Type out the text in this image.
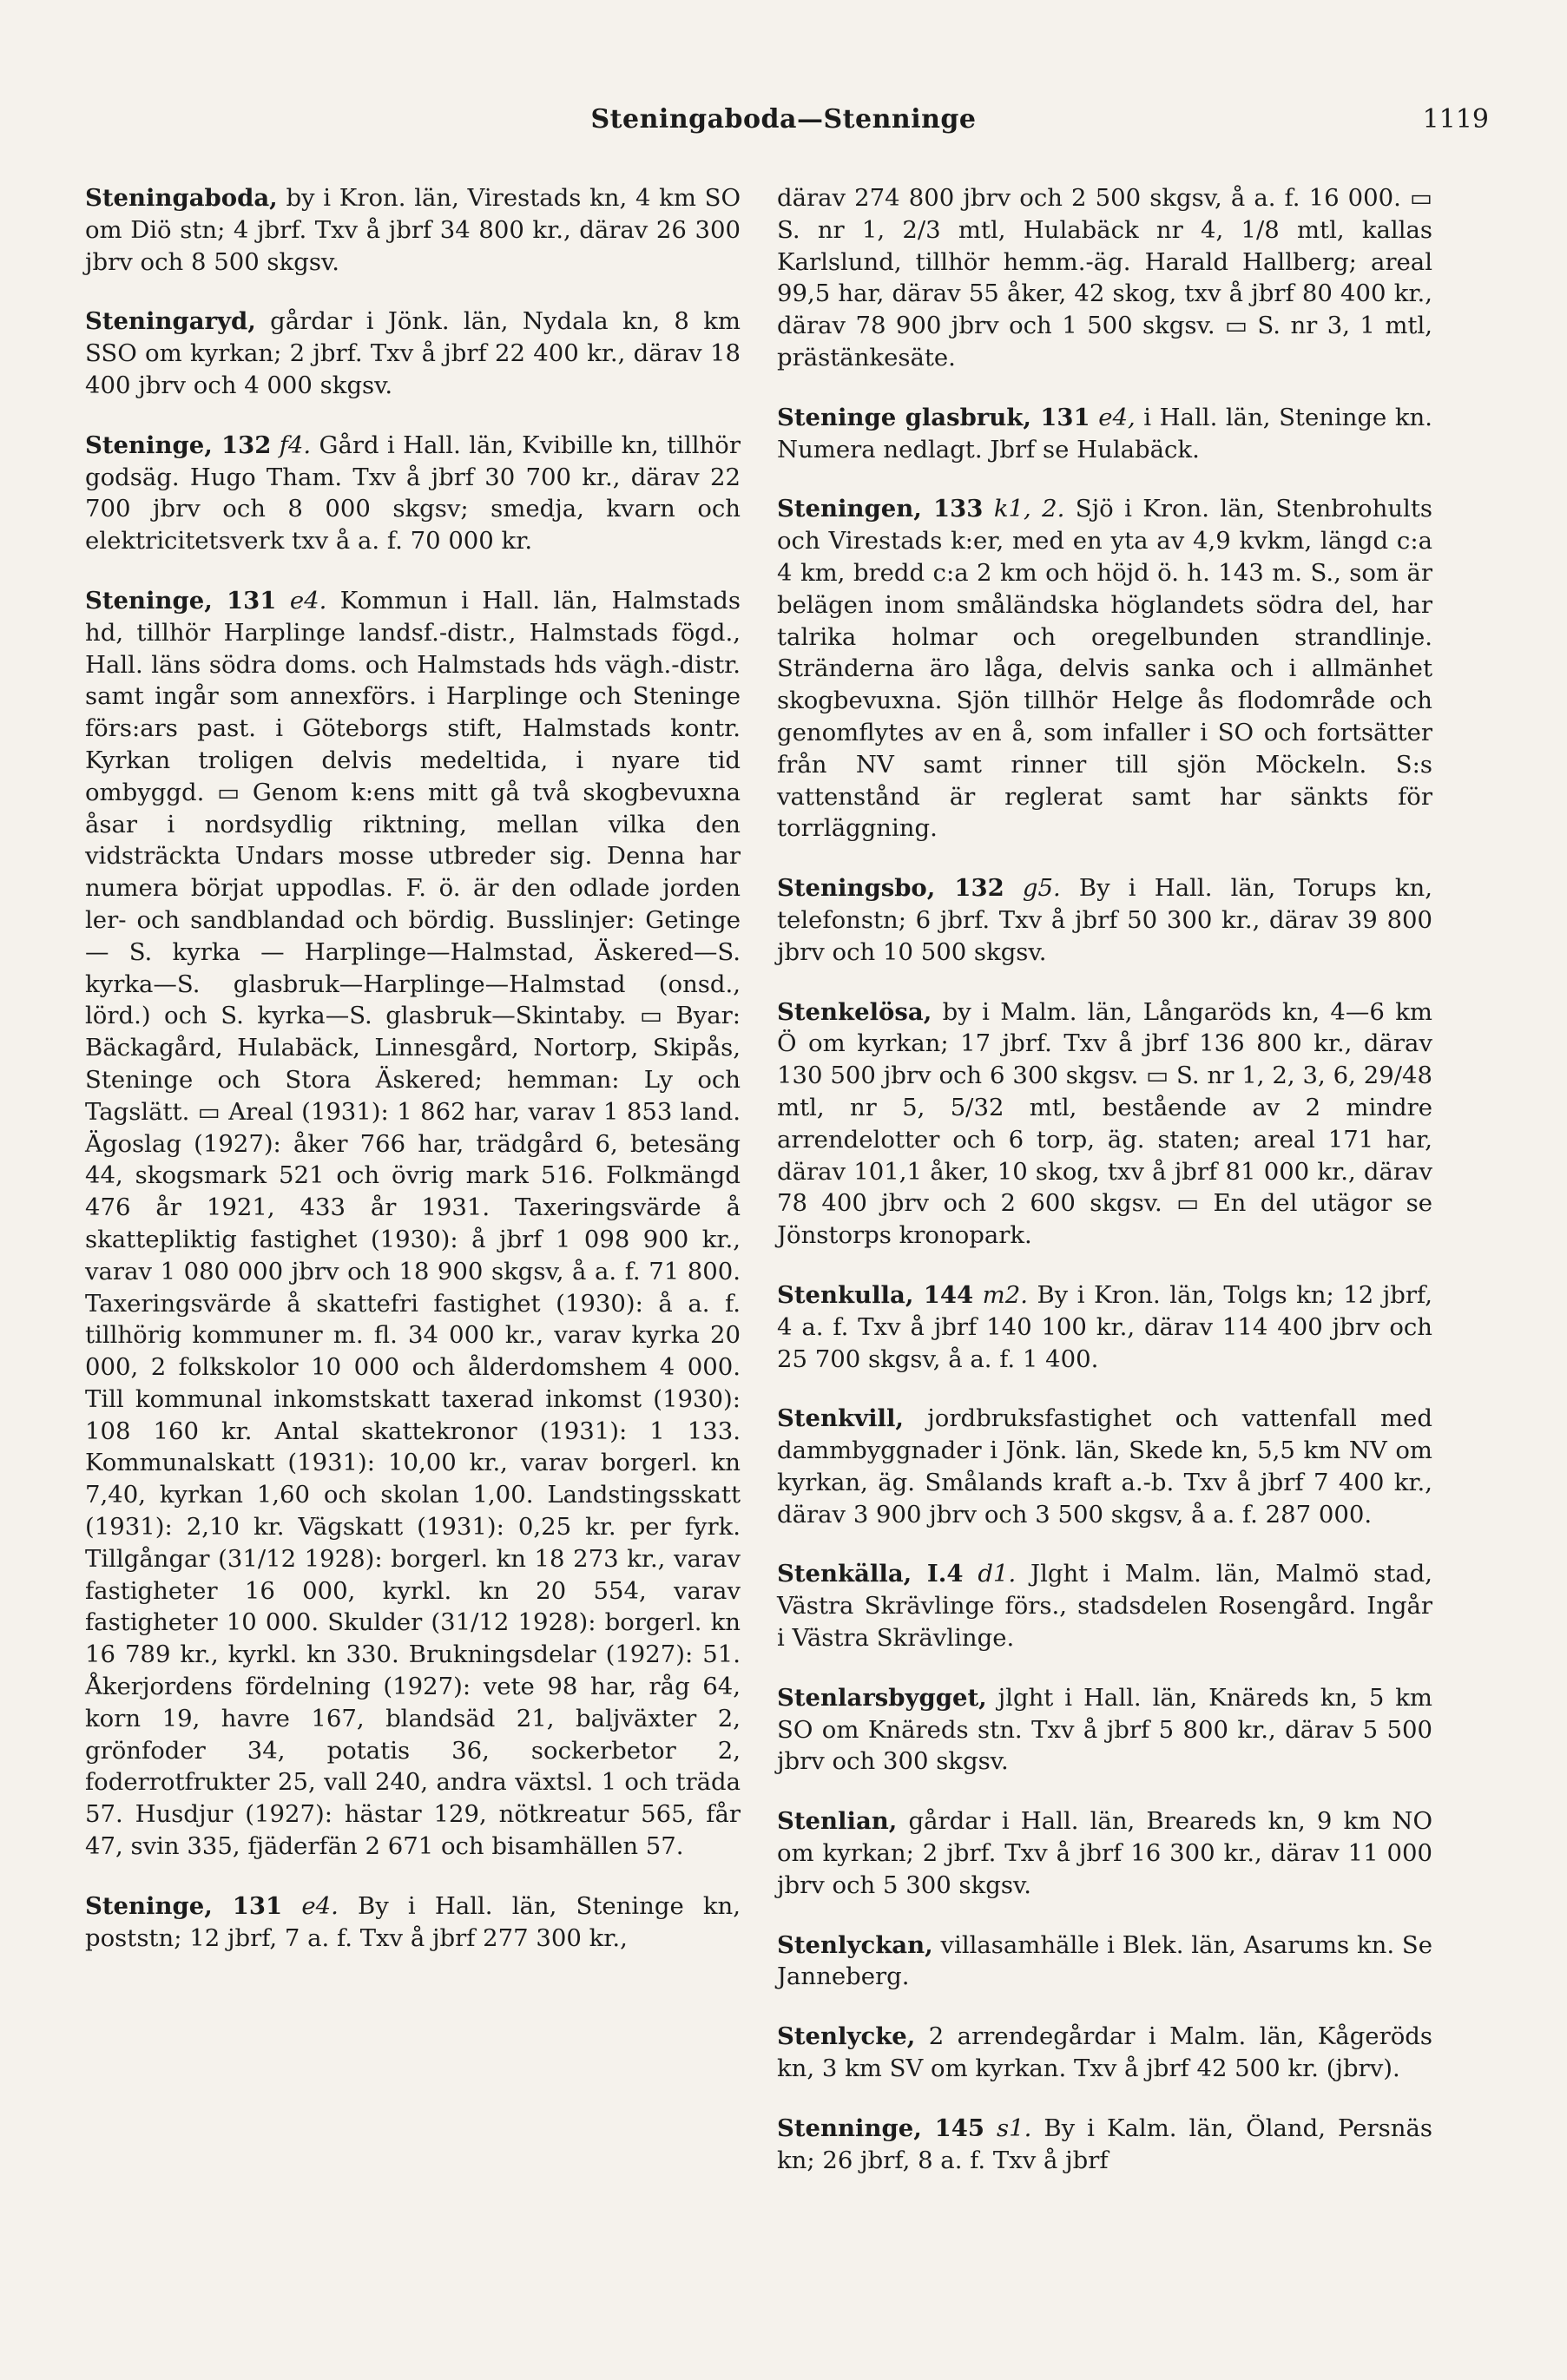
Steningaboda—Stenninge	1119

Steningaboda, by i Kron. län, Virestads kn, 4 km SO om Diö stn; 4 jbrf. Txv å jbrf 34 800 kr., därav 26 300 jbrv och 8 500 skgsv.

Steningaryd, gårdar i Jönk. län, Nydala kn, 8 km SSO om kyrkan; 2 jbrf. Txv å jbrf 22 400 kr., därav 18 400 jbrv och 4 000 skgsv.

Steninge, 132 f4. Gård i Hall. län, Kvibille kn, tillhör godsäg. Hugo Tham. Txv å jbrf 30 700 kr., därav 22 700 jbrv och 8 000 skgsv; smedja, kvarn och elektricitetsverk txv å a. f. 70 000 kr.

Steninge, 131 e4. Kommun i Hall. län, Halmstads hd, tillhör Harplinge landsf.-distr., Halmstads fögd., Hall. läns södra doms. och Halmstads hds vägh.-distr. samt ingår som annexförs. i Harplinge och Steninge förs:ars past. i Göteborgs stift, Halmstads kontr. Kyrkan troligen delvis medeltida, i nyare tid ombyggd. ▭ Genom k:ens mitt gå två skogbevuxna åsar i nordsydlig riktning, mellan vilka den vidsträckta Undars mosse utbreder sig. Denna har numera börjat uppodlas. F. ö. är den odlade jorden ler- och sandblandad och bördig. Busslinjer: Getinge — S. kyrka — Harplinge—Halmstad, Äskered—S. kyrka—S. glasbruk—Harplinge—Halmstad (onsd., lörd.) och S. kyrka—S. glasbruk—Skintaby. ▭ Byar: Bäckagård, Hulabäck, Linnesgård, Nortorp, Skipås, Steninge och Stora Äskered; hemman: Ly och Tagslätt. ▭ Areal (1931): 1 862 har, varav 1 853 land. Ägoslag (1927): åker 766 har, trädgård 6, betesäng 44, skogsmark 521 och övrig mark 516. Folkmängd 476 år 1921, 433 år 1931. Taxeringsvärde å skattepliktig fastighet (1930): å jbrf 1 098 900 kr., varav 1 080 000 jbrv och 18 900 skgsv, å a. f. 71 800. Taxeringsvärde å skattefri fastighet (1930): å a. f. tillhörig kommuner m. fl. 34 000 kr., varav kyrka 20 000, 2 folkskolor 10 000 och ålderdomshem 4 000. Till kommunal inkomstskatt taxerad inkomst (1930): 108 160 kr. Antal skattekronor (1931): 1 133. Kommunalskatt (1931): 10,00 kr., varav borgerl. kn 7,40, kyrkan 1,60 och skolan 1,00. Landstingsskatt (1931): 2,10 kr. Vägskatt (1931): 0,25 kr. per fyrk. Tillgångar (31/12 1928): borgerl. kn 18 273 kr., varav fastigheter 16 000, kyrkl. kn 20 554, varav fastigheter 10 000. Skulder (31/12 1928): borgerl. kn 16 789 kr., kyrkl. kn 330. Brukningsdelar (1927): 51. Åkerjordens fördelning (1927): vete 98 har, råg 64, korn 19, havre 167, blandsäd 21, baljväxter 2, grönfoder 34, potatis 36, sockerbetor 2, foderrotfrukter 25, vall 240, andra växtsl. 1 och träda 57. Husdjur (1927): hästar 129, nötkreatur 565, får 47, svin 335, fjäderfän 2 671 och bisamhällen 57.

Steninge, 131 e4. By i Hall. län, Steninge kn, poststn; 12 jbrf, 7 a. f. Txv å jbrf 277 300 kr.,

därav 274 800 jbrv och 2 500 skgsv, å a. f. 16 000. ▭ S. nr 1, 2/3 mtl, Hulabäck nr 4, 1/8 mtl, kallas Karlslund, tillhör hemm.-äg. Harald Hallberg; areal 99,5 har, därav 55 åker, 42 skog, txv å jbrf 80 400 kr., därav 78 900 jbrv och 1 500 skgsv. ▭ S. nr 3, 1 mtl, prästänkesäte.

Steninge glasbruk, 131 e4, i Hall. län, Steninge kn. Numera nedlagt. Jbrf se Hulabäck.

Steningen, 133 k1, 2. Sjö i Kron. län, Stenbrohults och Virestads k:er, med en yta av 4,9 kvkm, längd c:a 4 km, bredd c:a 2 km och höjd ö. h. 143 m. S., som är belägen inom småländska höglandets södra del, har talrika holmar och oregelbunden strandlinje. Stränderna äro låga, delvis sanka och i allmänhet skogbevuxna. Sjön tillhör Helge ås flodområde och genomflytes av en å, som infaller i SO och fortsätter från NV samt rinner till sjön Möckeln. S:s vattenstånd är reglerat samt har sänkts för torrläggning.

Steningsbo, 132 g5. By i Hall. län, Torups kn, telefonstn; 6 jbrf. Txv å jbrf 50 300 kr., därav 39 800 jbrv och 10 500 skgsv.

Stenkelösa, by i Malm. län, Långaröds kn, 4—6 km Ö om kyrkan; 17 jbrf. Txv å jbrf 136 800 kr., därav 130 500 jbrv och 6 300 skgsv. ▭ S. nr 1, 2, 3, 6, 29/48 mtl, nr 5, 5/32 mtl, bestående av 2 mindre arrendelotter och 6 torp, äg. staten; areal 171 har, därav 101,1 åker, 10 skog, txv å jbrf 81 000 kr., därav 78 400 jbrv och 2 600 skgsv. ▭ En del utägor se Jönstorps kronopark.

Stenkulla, 144 m2. By i Kron. län, Tolgs kn; 12 jbrf, 4 a. f. Txv å jbrf 140 100 kr., därav 114 400 jbrv och 25 700 skgsv, å a. f. 1 400.

Stenkvill, jordbruksfastighet och vattenfall med dammbyggnader i Jönk. län, Skede kn, 5,5 km NV om kyrkan, äg. Smålands kraft a.-b. Txv å jbrf 7 400 kr., därav 3 900 jbrv och 3 500 skgsv, å a. f. 287 000.

Stenkälla, I.4 d1. Jlght i Malm. län, Malmö stad, Västra Skrävlinge förs., stadsdelen Rosengård. Ingår i Västra Skrävlinge.

Stenlarsbygget, jlght i Hall. län, Knäreds kn, 5 km SO om Knäreds stn. Txv å jbrf 5 800 kr., därav 5 500 jbrv och 300 skgsv.

Stenlian, gårdar i Hall. län, Breareds kn, 9 km NO om kyrkan; 2 jbrf. Txv å jbrf 16 300 kr., därav 11 000 jbrv och 5 300 skgsv.

Stenlyckan, villasamhälle i Blek. län, Asarums kn. Se Janneberg.

Stenlycke, 2 arrendegårdar i Malm. län, Kågeröds kn, 3 km SV om kyrkan. Txv å jbrf 42 500 kr. (jbrv).

Stenninge, 145 s1. By i Kalm. län, Öland, Persnäs kn; 26 jbrf, 8 a. f. Txv å jbrf
